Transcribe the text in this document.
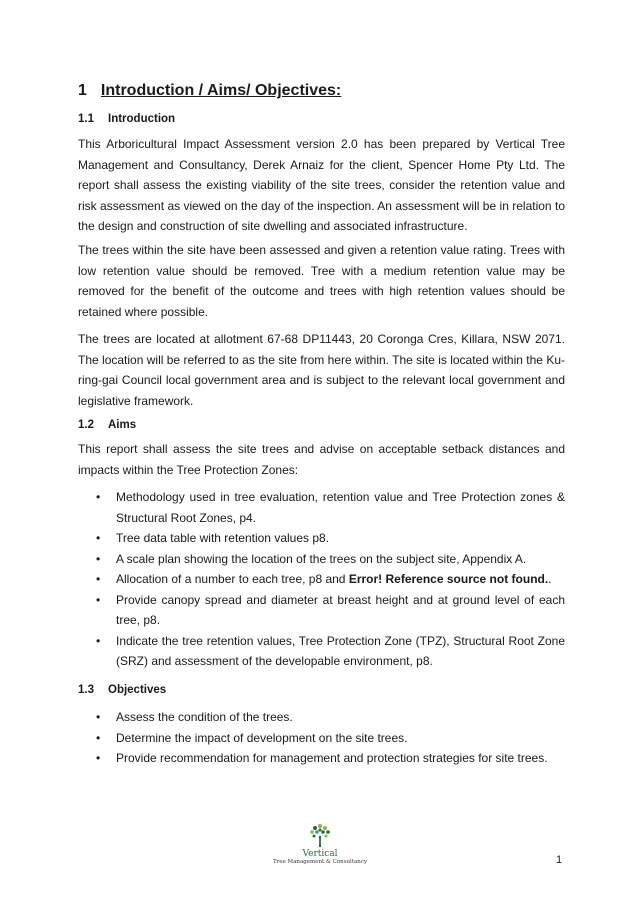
1 Introduction / Aims/ Objectives:
1.1	Introduction

This Arboricultural Impact Assessment version 2.0 has been prepared by Vertical Tree Management and Consultancy, Derek Arnaiz for the client, Spencer Home Pty Ltd. The report shall assess the existing viability of the site trees, consider the retention value and risk assessment as viewed on the day of the inspection. An assessment will be in relation to the design and construction of site dwelling and associated infrastructure.

The trees within the site have been assessed and given a retention value rating. Trees with low retention value should be removed. Tree with a medium retention value may be removed for the benefit of the outcome and trees with high retention values should be retained where possible.

The trees are located at allotment 67-68 DP11443, 20 Coronga Cres, Killara, NSW 2071. The location will be referred to as the site from here within. The site is located within the Ku-ring-gai Council local government area and is subject to the relevant local government and legislative framework.

1.2	Aims

This report shall assess the site trees and advise on acceptable setback distances and impacts within the Tree Protection Zones:

• Methodology used in tree evaluation, retention value and Tree Protection zones & Structural Root Zones, p4.
• Tree data table with retention values p8.
• A scale plan showing the location of the trees on the subject site, Appendix A.
• Allocation of a number to each tree, p8 and Error! Reference source not found..
• Provide canopy spread and diameter at breast height and at ground level of each tree, p8.
• Indicate the tree retention values, Tree Protection Zone (TPZ), Structural Root Zone (SRZ) and assessment of the developable environment, p8.
1.3	Objectives
• Assess the condition of the trees.
• Determine the impact of development on the site trees.
• Provide recommendation for management and protection strategies for site trees.
Vertical
Tree Management & Consultancy	1
